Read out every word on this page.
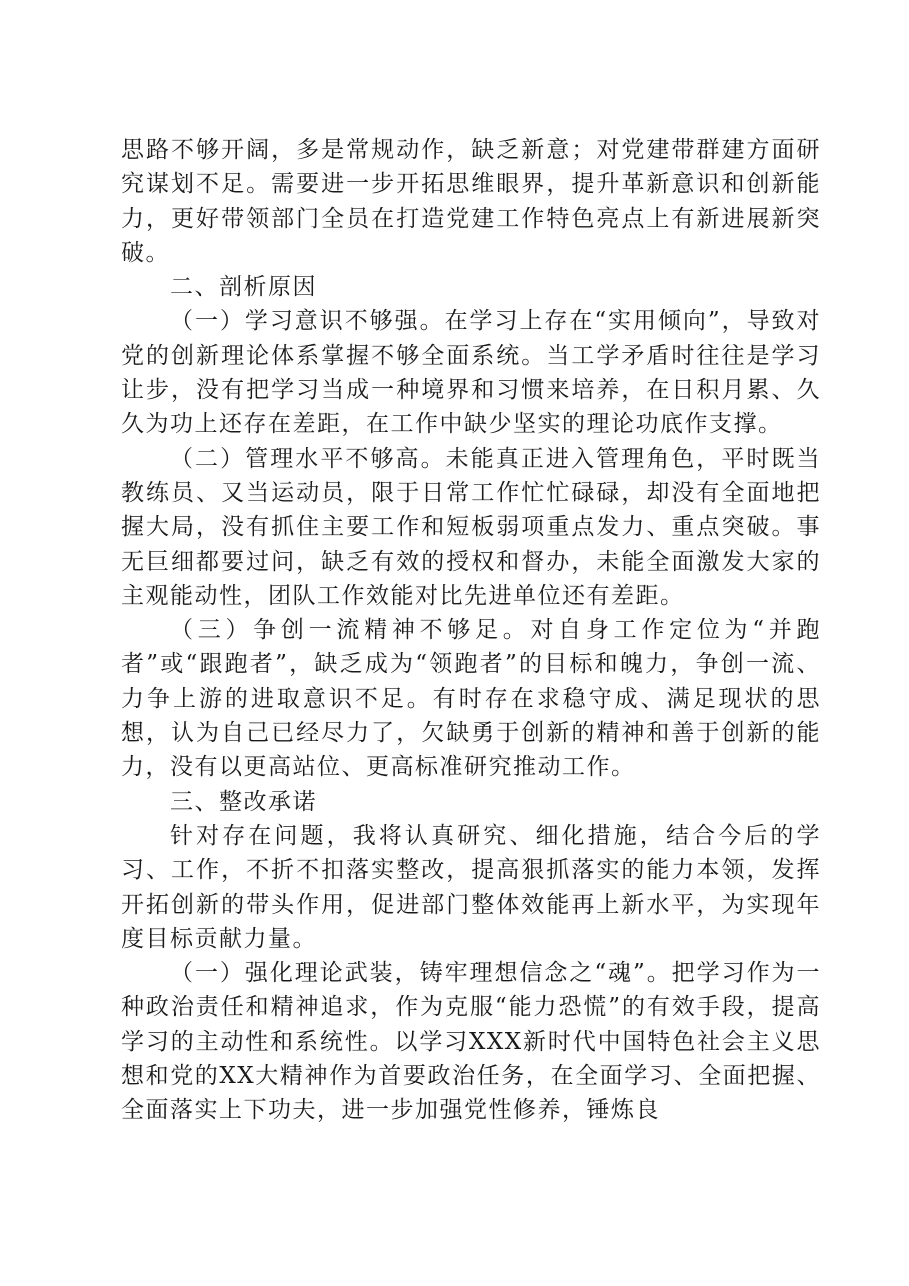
思路不够开阔，多是常规动作，缺乏新意；对党建带群建方面研究谋划不足。需要进一步开拓思维眼界，提升革新意识和创新能力，更好带领部门全员在打造党建工作特色亮点上有新进展新突破。

二、剖析原因

（一）学习意识不够强。在学习上存在“实用倾向”，导致对党的创新理论体系掌握不够全面系统。当工学矛盾时往往是学习让步，没有把学习当成一种境界和习惯来培养，在日积月累、久久为功上还存在差距，在工作中缺少坚实的理论功底作支撑。

（二）管理水平不够高。未能真正进入管理角色，平时既当教练员、又当运动员，限于日常工作忙忙碌碌，却没有全面地把握大局，没有抓住主要工作和短板弱项重点发力、重点突破。事无巨细都要过问，缺乏有效的授权和督办，未能全面激发大家的主观能动性，团队工作效能对比先进单位还有差距。

（三）争创一流精神不够足。对自身工作定位为“并跑者”或“跟跑者”，缺乏成为“领跑者”的目标和魄力，争创一流、力争上游的进取意识不足。有时存在求稳守成、满足现状的思想，认为自己已经尽力了，欠缺勇于创新的精神和善于创新的能力，没有以更高站位、更高标准研究推动工作。

三、整改承诺

针对存在问题，我将认真研究、细化措施，结合今后的学习、工作，不折不扣落实整改，提高狠抓落实的能力本领，发挥开拓创新的带头作用，促进部门整体效能再上新水平，为实现年度目标贡献力量。

（一）强化理论武装，铸牢理想信念之“魂”。把学习作为一种政治责任和精神追求，作为克服“能力恐慌”的有效手段，提高学习的主动性和系统性。以学习XXX新时代中国特色社会主义思想和党的XX大精神作为首要政治任务，在全面学习、全面把握、全面落实上下功夫，进一步加强党性修养，锤炼良
